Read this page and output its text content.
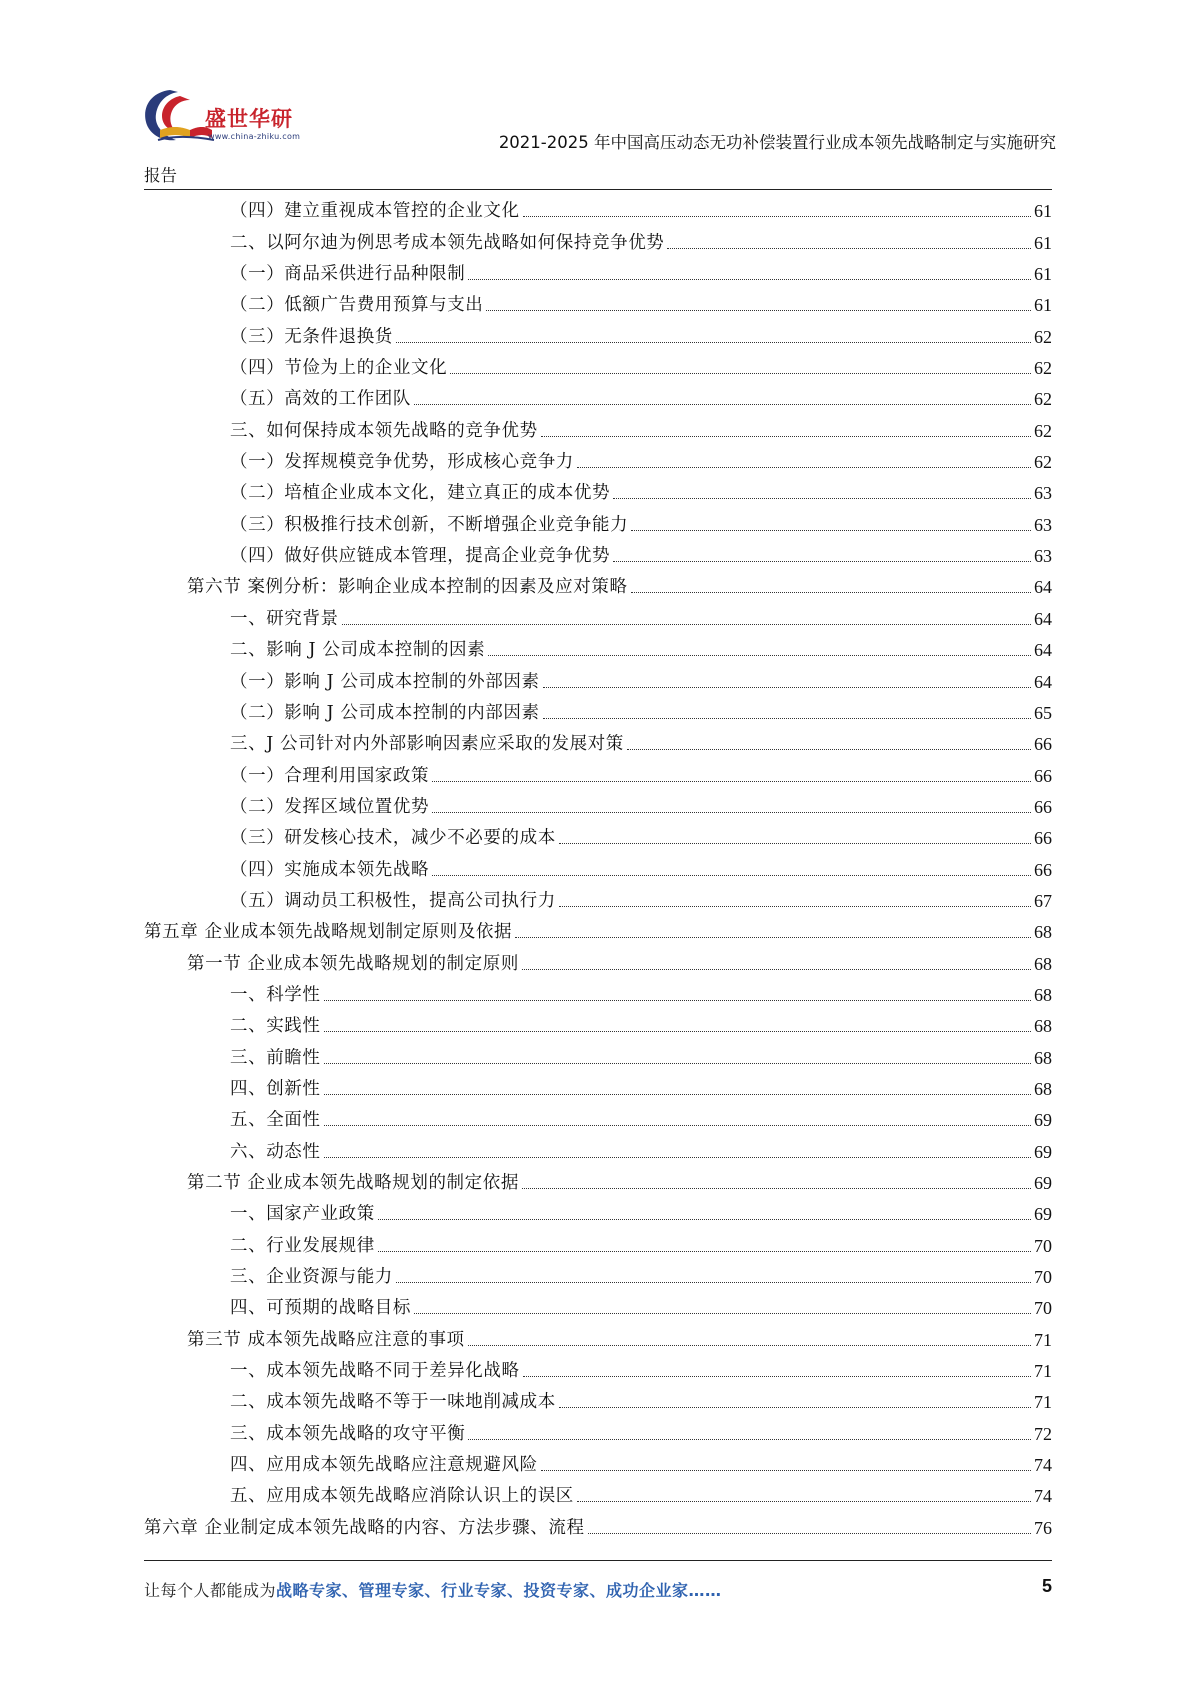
盛世华研
www.china-zhiku.com	2021-2025 年中国高压动态无功补偿装置行业成本领先战略制定与实施研究
报告
（四）建立重视成本管控的企业文化	61
二、以阿尔迪为例思考成本领先战略如何保持竞争优势	61
（一）商品采供进行品种限制	61
（二）低额广告费用预算与支出	61
（三）无条件退换货	62
（四）节俭为上的企业文化	62
（五）高效的工作团队	62
三、如何保持成本领先战略的竞争优势	62
（一）发挥规模竞争优势，形成核心竞争力	62
（二）培植企业成本文化，建立真正的成本优势	63
（三）积极推行技术创新，不断增强企业竞争能力	63
（四）做好供应链成本管理，提高企业竞争优势	63
第六节 案例分析：影响企业成本控制的因素及应对策略	64
一、研究背景	64
二、影响 J 公司成本控制的因素	64
（一）影响 J 公司成本控制的外部因素	64
（二）影响 J 公司成本控制的内部因素	65
三、J 公司针对内外部影响因素应采取的发展对策	66
（一）合理利用国家政策	66
（二）发挥区域位置优势	66
（三）研发核心技术，减少不必要的成本	66
（四）实施成本领先战略	66
（五）调动员工积极性，提高公司执行力	67
第五章 企业成本领先战略规划制定原则及依据	68
第一节 企业成本领先战略规划的制定原则	68
一、科学性	68
二、实践性	68
三、前瞻性	68
四、创新性	68
五、全面性	69
六、动态性	69
第二节 企业成本领先战略规划的制定依据	69
一、国家产业政策	69
二、行业发展规律	70
三、企业资源与能力	70
四、可预期的战略目标	70
第三节 成本领先战略应注意的事项	71
一、成本领先战略不同于差异化战略	71
二、成本领先战略不等于一味地削减成本	71
三、成本领先战略的攻守平衡	72
四、应用成本领先战略应注意规避风险	74
五、应用成本领先战略应消除认识上的误区	74
第六章 企业制定成本领先战略的内容、方法步骤、流程	76
让每个人都能成为战略专家、管理专家、行业专家、投资专家、成功企业家……	5
